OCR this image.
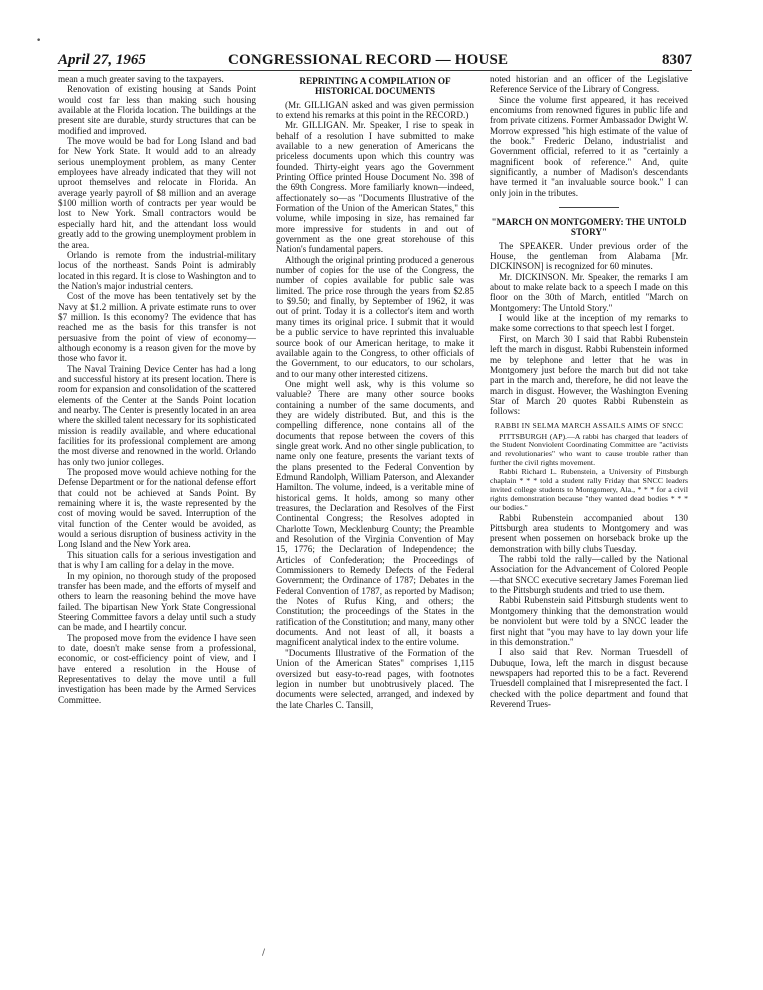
•
April 27, 1965	CONGRESSIONAL RECORD — HOUSE	8307

mean a much greater saving to the taxpayers.

Renovation of existing housing at Sands Point would cost far less than making such housing available at the Florida location. The buildings at the present site are durable, sturdy structures that can be modified and improved.

The move would be bad for Long Island and bad for New York State. It would add to an already serious unemployment problem, as many Center employees have already indicated that they will not uproot themselves and relocate in Florida. An average yearly payroll of $8 million and an average $100 million worth of contracts per year would be lost to New York. Small contractors would be especially hard hit, and the attendant loss would greatly add to the growing unemployment problem in the area.

Orlando is remote from the industrial-military locus of the northeast. Sands Point is admirably located in this regard. It is close to Washington and to the Nation's major industrial centers.

Cost of the move has been tentatively set by the Navy at $1.2 million. A private estimate runs to over $7 million. Is this economy? The evidence that has reached me as the basis for this transfer is not persuasive from the point of view of economy—although economy is a reason given for the move by those who favor it.

The Naval Training Device Center has had a long and successful history at its present location. There is room for expansion and consolidation of the scattered elements of the Center at the Sands Point location and nearby. The Center is presently located in an area where the skilled talent necessary for its sophisticated mission is readily available, and where educational facilities for its professional complement are among the most diverse and renowned in the world. Orlando has only two junior colleges.

The proposed move would achieve nothing for the Defense Department or for the national defense effort that could not be achieved at Sands Point. By remaining where it is, the waste represented by the cost of moving would be saved. Interruption of the vital function of the Center would be avoided, as would a serious disruption of business activity in the Long Island and the New York area.

This situation calls for a serious investigation and that is why I am calling for a delay in the move.

In my opinion, no thorough study of the proposed transfer has been made, and the efforts of myself and others to learn the reasoning behind the move have failed. The bipartisan New York State Congressional Steering Committee favors a delay until such a study can be made, and I heartily concur.

The proposed move from the evidence I have seen to date, doesn't make sense from a professional, economic, or cost-efficiency point of view, and I have entered a resolution in the House of Representatives to delay the move until a full investigation has been made by the Armed Services Committee.

REPRINTING A COMPILATION OF HISTORICAL DOCUMENTS

(Mr. GILLIGAN asked and was given permission to extend his remarks at this point in the RECORD.)

Mr. GILLIGAN. Mr. Speaker, I rise to speak in behalf of a resolution I have submitted to make available to a new generation of Americans the priceless documents upon which this country was founded. Thirty-eight years ago the Government Printing Office printed House Document No. 398 of the 69th Congress. More familiarly known—indeed, affectionately so—as "Documents Illustrative of the Formation of the Union of the American States," this volume, while imposing in size, has remained far more impressive for students in and out of government as the one great storehouse of this Nation's fundamental papers.

Although the original printing produced a generous number of copies for the use of the Congress, the number of copies available for public sale was limited. The price rose through the years from $2.85 to $9.50; and finally, by September of 1962, it was out of print. Today it is a collector's item and worth many times its original price. I submit that it would be a public service to have reprinted this invaluable source book of our American heritage, to make it available again to the Congress, to other officials of the Government, to our educators, to our scholars, and to our many other interested citizens.

One might well ask, why is this volume so valuable? There are many other source books containing a number of the same documents, and they are widely distributed. But, and this is the compelling difference, none contains all of the documents that repose between the covers of this single great work. And no other single publication, to name only one feature, presents the variant texts of the plans presented to the Federal Convention by Edmund Randolph, William Paterson, and Alexander Hamilton. The volume, indeed, is a veritable mine of historical gems. It holds, among so many other treasures, the Declaration and Resolves of the First Continental Congress; the Resolves adopted in Charlotte Town, Mecklenburg County; the Preamble and Resolution of the Virginia Convention of May 15, 1776; the Declaration of Independence; the Articles of Confederation; the Proceedings of Commissioners to Remedy Defects of the Federal Government; the Ordinance of 1787; Debates in the Federal Convention of 1787, as reported by Madison; the Notes of Rufus King, and others; the Constitution; the proceedings of the States in the ratification of the Constitution; and many, many other documents. And not least of all, it boasts a magnificent analytical index to the entire volume.

"Documents Illustrative of the Formation of the Union of the American States" comprises 1,115 oversized but easy-to-read pages, with footnotes legion in number but unobtrusively placed. The documents were selected, arranged, and indexed by the late Charles C. Tansill,

noted historian and an officer of the Legislative Reference Service of the Library of Congress.

Since the volume first appeared, it has received encomiums from renowned figures in public life and from private citizens. Former Ambassador Dwight W. Morrow expressed "his high estimate of the value of the book." Frederic Delano, industrialist and Government official, referred to it as "certainly a magnificent book of reference." And, quite significantly, a number of Madison's descendants have termed it "an invaluable source book." I can only join in the tributes.

"MARCH ON MONTGOMERY: THE UNTOLD STORY"

The SPEAKER. Under previous order of the House, the gentleman from Alabama [Mr. DICKINSON] is recognized for 60 minutes.

Mr. DICKINSON. Mr. Speaker, the remarks I am about to make relate back to a speech I made on this floor on the 30th of March, entitled "March on Montgomery: The Untold Story."

I would like at the inception of my remarks to make some corrections to that speech lest I forget.

First, on March 30 I said that Rabbi Rubenstein left the march in disgust. Rabbi Rubenstein informed me by telephone and letter that he was in Montgomery just before the march but did not take part in the march and, therefore, he did not leave the march in disgust. However, the Washington Evening Star of March 20 quotes Rabbi Rubenstein as follows:

RABBI IN SELMA MARCH ASSAILS AIMS OF SNCC

PITTSBURGH (AP).—A rabbi has charged that leaders of the Student Nonviolent Coordinating Committee are "activists and revolutionaries" who want to cause trouble rather than further the civil rights movement.

Rabbi Richard L. Rubenstein, a University of Pittsburgh chaplain * * * told a student rally Friday that SNCC leaders invited college students to Montgomery, Ala., * * * for a civil rights demonstration because "they wanted dead bodies * * * our bodies."

Rabbi Rubenstein accompanied about 130 Pittsburgh area students to Montgomery and was present when possemen on horseback broke up the demonstration with billy clubs Tuesday.

The rabbi told the rally—called by the National Association for the Advancement of Colored People—that SNCC executive secretary James Foreman lied to the Pittsburgh students and tried to use them.

Rabbi Rubenstein said Pittsburgh students went to Montgomery thinking that the demonstration would be nonviolent but were told by a SNCC leader the first night that "you may have to lay down your life in this demonstration."

I also said that Rev. Norman Truesdell of Dubuque, Iowa, left the march in disgust because newspapers had reported this to be a fact. Reverend Truesdell complained that I misrepresented the fact. I checked with the police department and found that Reverend Trues-

/
